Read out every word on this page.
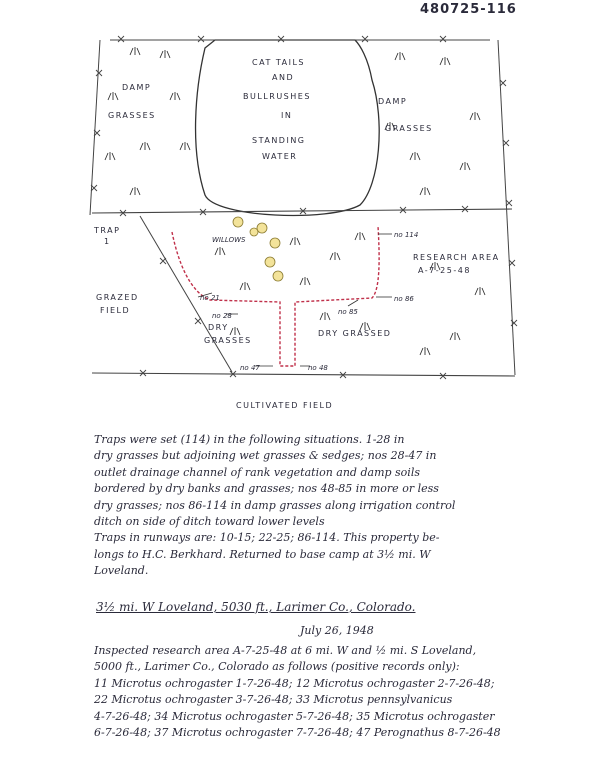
480725-116
CAT TAILS
AND
BULLRUSHES
IN
STANDING
WATER
DAMP
GRASSES
DAMP
GRASSES
TRAP
1	WILLOWS
RESEARCH AREA
A-7-25-48
GRAZED
FIELD
DRY
GRASSES
DRY GRASSED
CULTIVATED FIELD
no 21
no 28	no 85
no 86
no 114
no 47	no 48
Traps were set (114) in the following situations. 1-28 in
dry grasses but adjoining wet grasses & sedges; nos 28-47 in
outlet drainage channel of rank vegetation and damp soils
bordered by dry banks and grasses; nos 48-85 in more or less
dry grasses; nos 86-114 in damp grasses along irrigation control
ditch on side of ditch toward lower levels
Traps in runways are: 10-15; 22-25; 86-114. This property be-
longs to H.C. Berkhard. Returned to base camp at 3½ mi. W
Loveland.
3½ mi. W Loveland, 5030 ft., Larimer Co., Colorado.
July 26, 1948
Inspected research area A-7-25-48 at 6 mi. W and ½ mi. S Loveland,
5000 ft., Larimer Co., Colorado as follows (positive records only):
11 Microtus ochrogaster 1-7-26-48; 12 Microtus ochrogaster 2-7-26-48;
22 Microtus ochrogaster 3-7-26-48; 33 Microtus pennsylvanicus
4-7-26-48; 34 Microtus ochrogaster 5-7-26-48; 35 Microtus ochrogaster
6-7-26-48; 37 Microtus ochrogaster 7-7-26-48; 47 Perognathus 8-7-26-48
